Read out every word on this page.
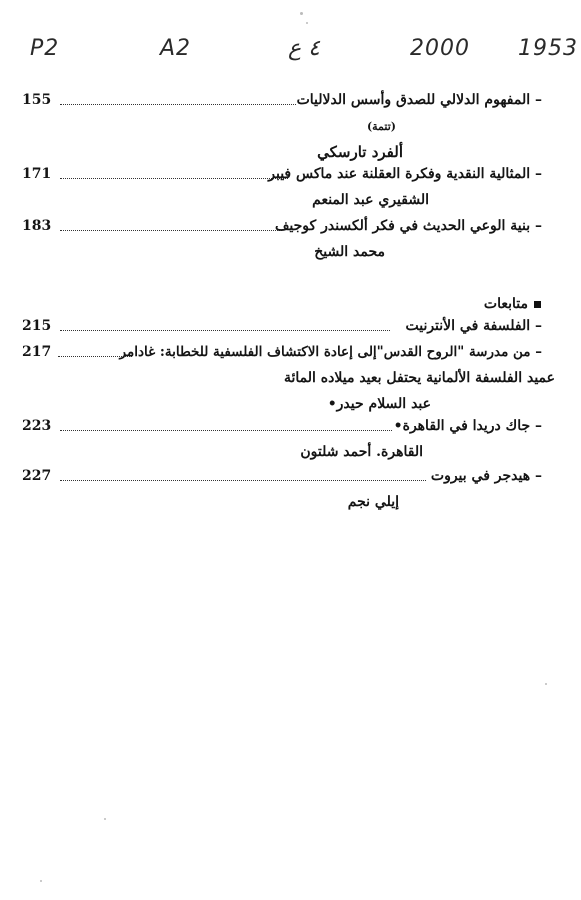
P2	A2	٤ ع	2000 1953
155	– المفهوم الدلالي للصدق وأسس الدلاليات
(تتمة)
ألفرد تارسكي
171	– المثالية النقدية وفكرة العقلنة عند ماكس فيبر
الشقيري عبد المنعم
183	– بنية الوعي الحديث في فكر ألكسندر كوجيف
محمد الشيخ
متابعات
215	– الفلسفة في الأنترنيت
217	– من مدرسة "الروح القدس"إلى إعادة الاكتشاف الفلسفية للخطابة: غادامر
عميد الفلسفة الألمانية يحتفل بعيد ميلاده المائة
عبد السلام حيدر•
223	– جاك دريدا في القاهرة•
القاهرة. أحمد شلتون
227	– هيدجر في بيروت
إيلي نجم
